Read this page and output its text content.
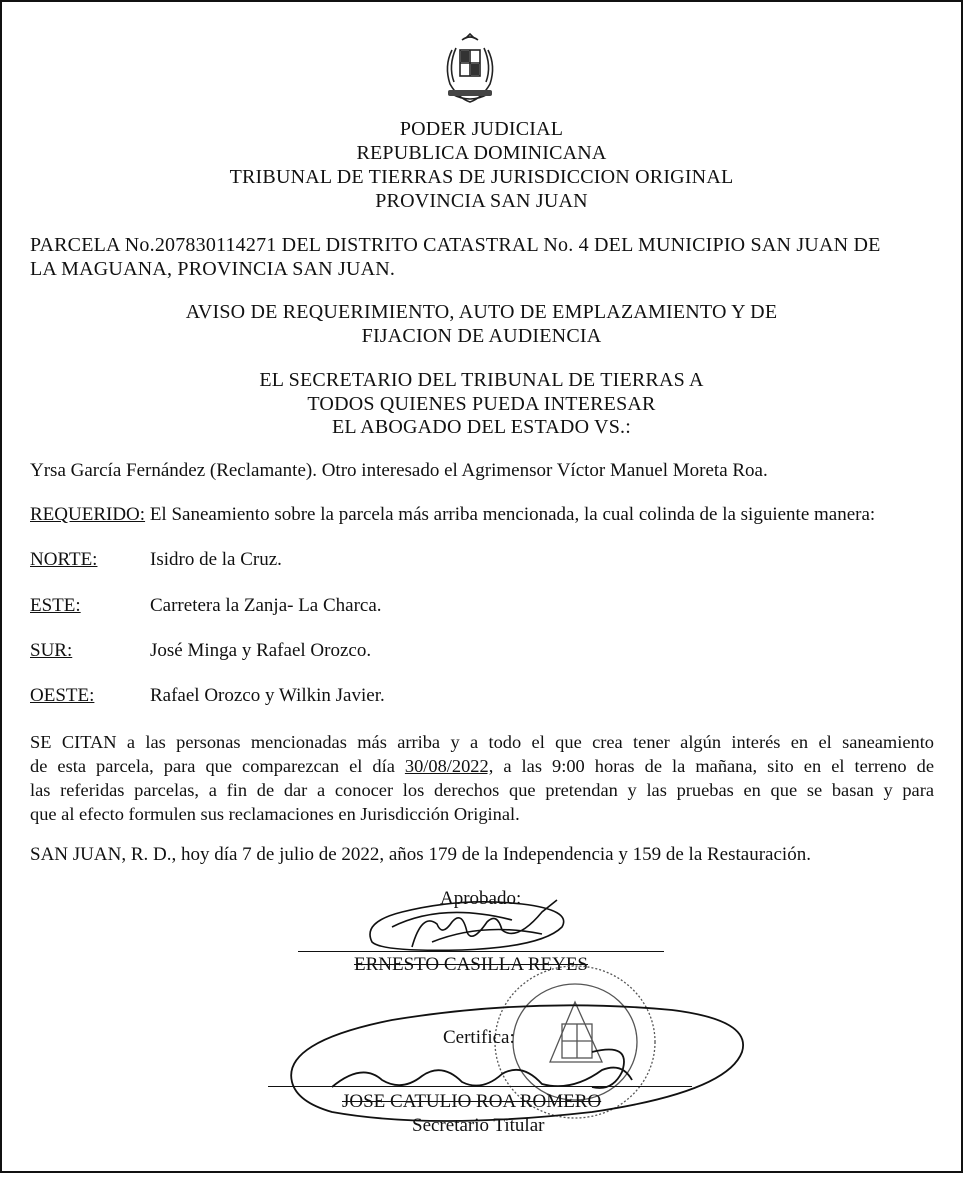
PODER JUDICIAL
REPUBLICA DOMINICANA
TRIBUNAL DE TIERRAS DE JURISDICCION ORIGINAL
PROVINCIA SAN JUAN
PARCELA No.207830114271 DEL DISTRITO CATASTRAL No. 4 DEL MUNICIPIO SAN JUAN DE
LA MAGUANA, PROVINCIA SAN JUAN.
AVISO DE REQUERIMIENTO, AUTO DE EMPLAZAMIENTO Y DE
FIJACION DE AUDIENCIA
EL SECRETARIO DEL TRIBUNAL DE TIERRAS A
TODOS QUIENES PUEDA INTERESAR
EL ABOGADO DEL ESTADO VS.:
Yrsa García Fernández (Reclamante). Otro interesado el Agrimensor Víctor Manuel Moreta Roa.
REQUERIDO: El Saneamiento sobre la parcela más arriba mencionada, la cual colinda de la siguiente manera:
NORTE:	Isidro de la Cruz.
ESTE:	Carretera la Zanja- La Charca.
SUR:	José Minga y Rafael Orozco.
OESTE:	Rafael Orozco y Wilkin Javier.
SE CITAN a las personas mencionadas más arriba y a todo el que crea tener algún interés en el saneamiento
de esta parcela, para que comparezcan el día 30/08/2022, a las 9:00 horas de la mañana, sito en el terreno de
las referidas parcelas, a fin de dar a conocer los derechos que pretendan y las pruebas en que se basan y para
que al efecto formulen sus reclamaciones en Jurisdicción Original.
SAN JUAN, R. D., hoy día 7 de julio de 2022, años 179 de la Independencia y 159 de la Restauración.
Aprobado:
ERNESTO CASILLA REYES
Certifica:
JOSE CATULIO ROA ROMERO
Secretario Titular
